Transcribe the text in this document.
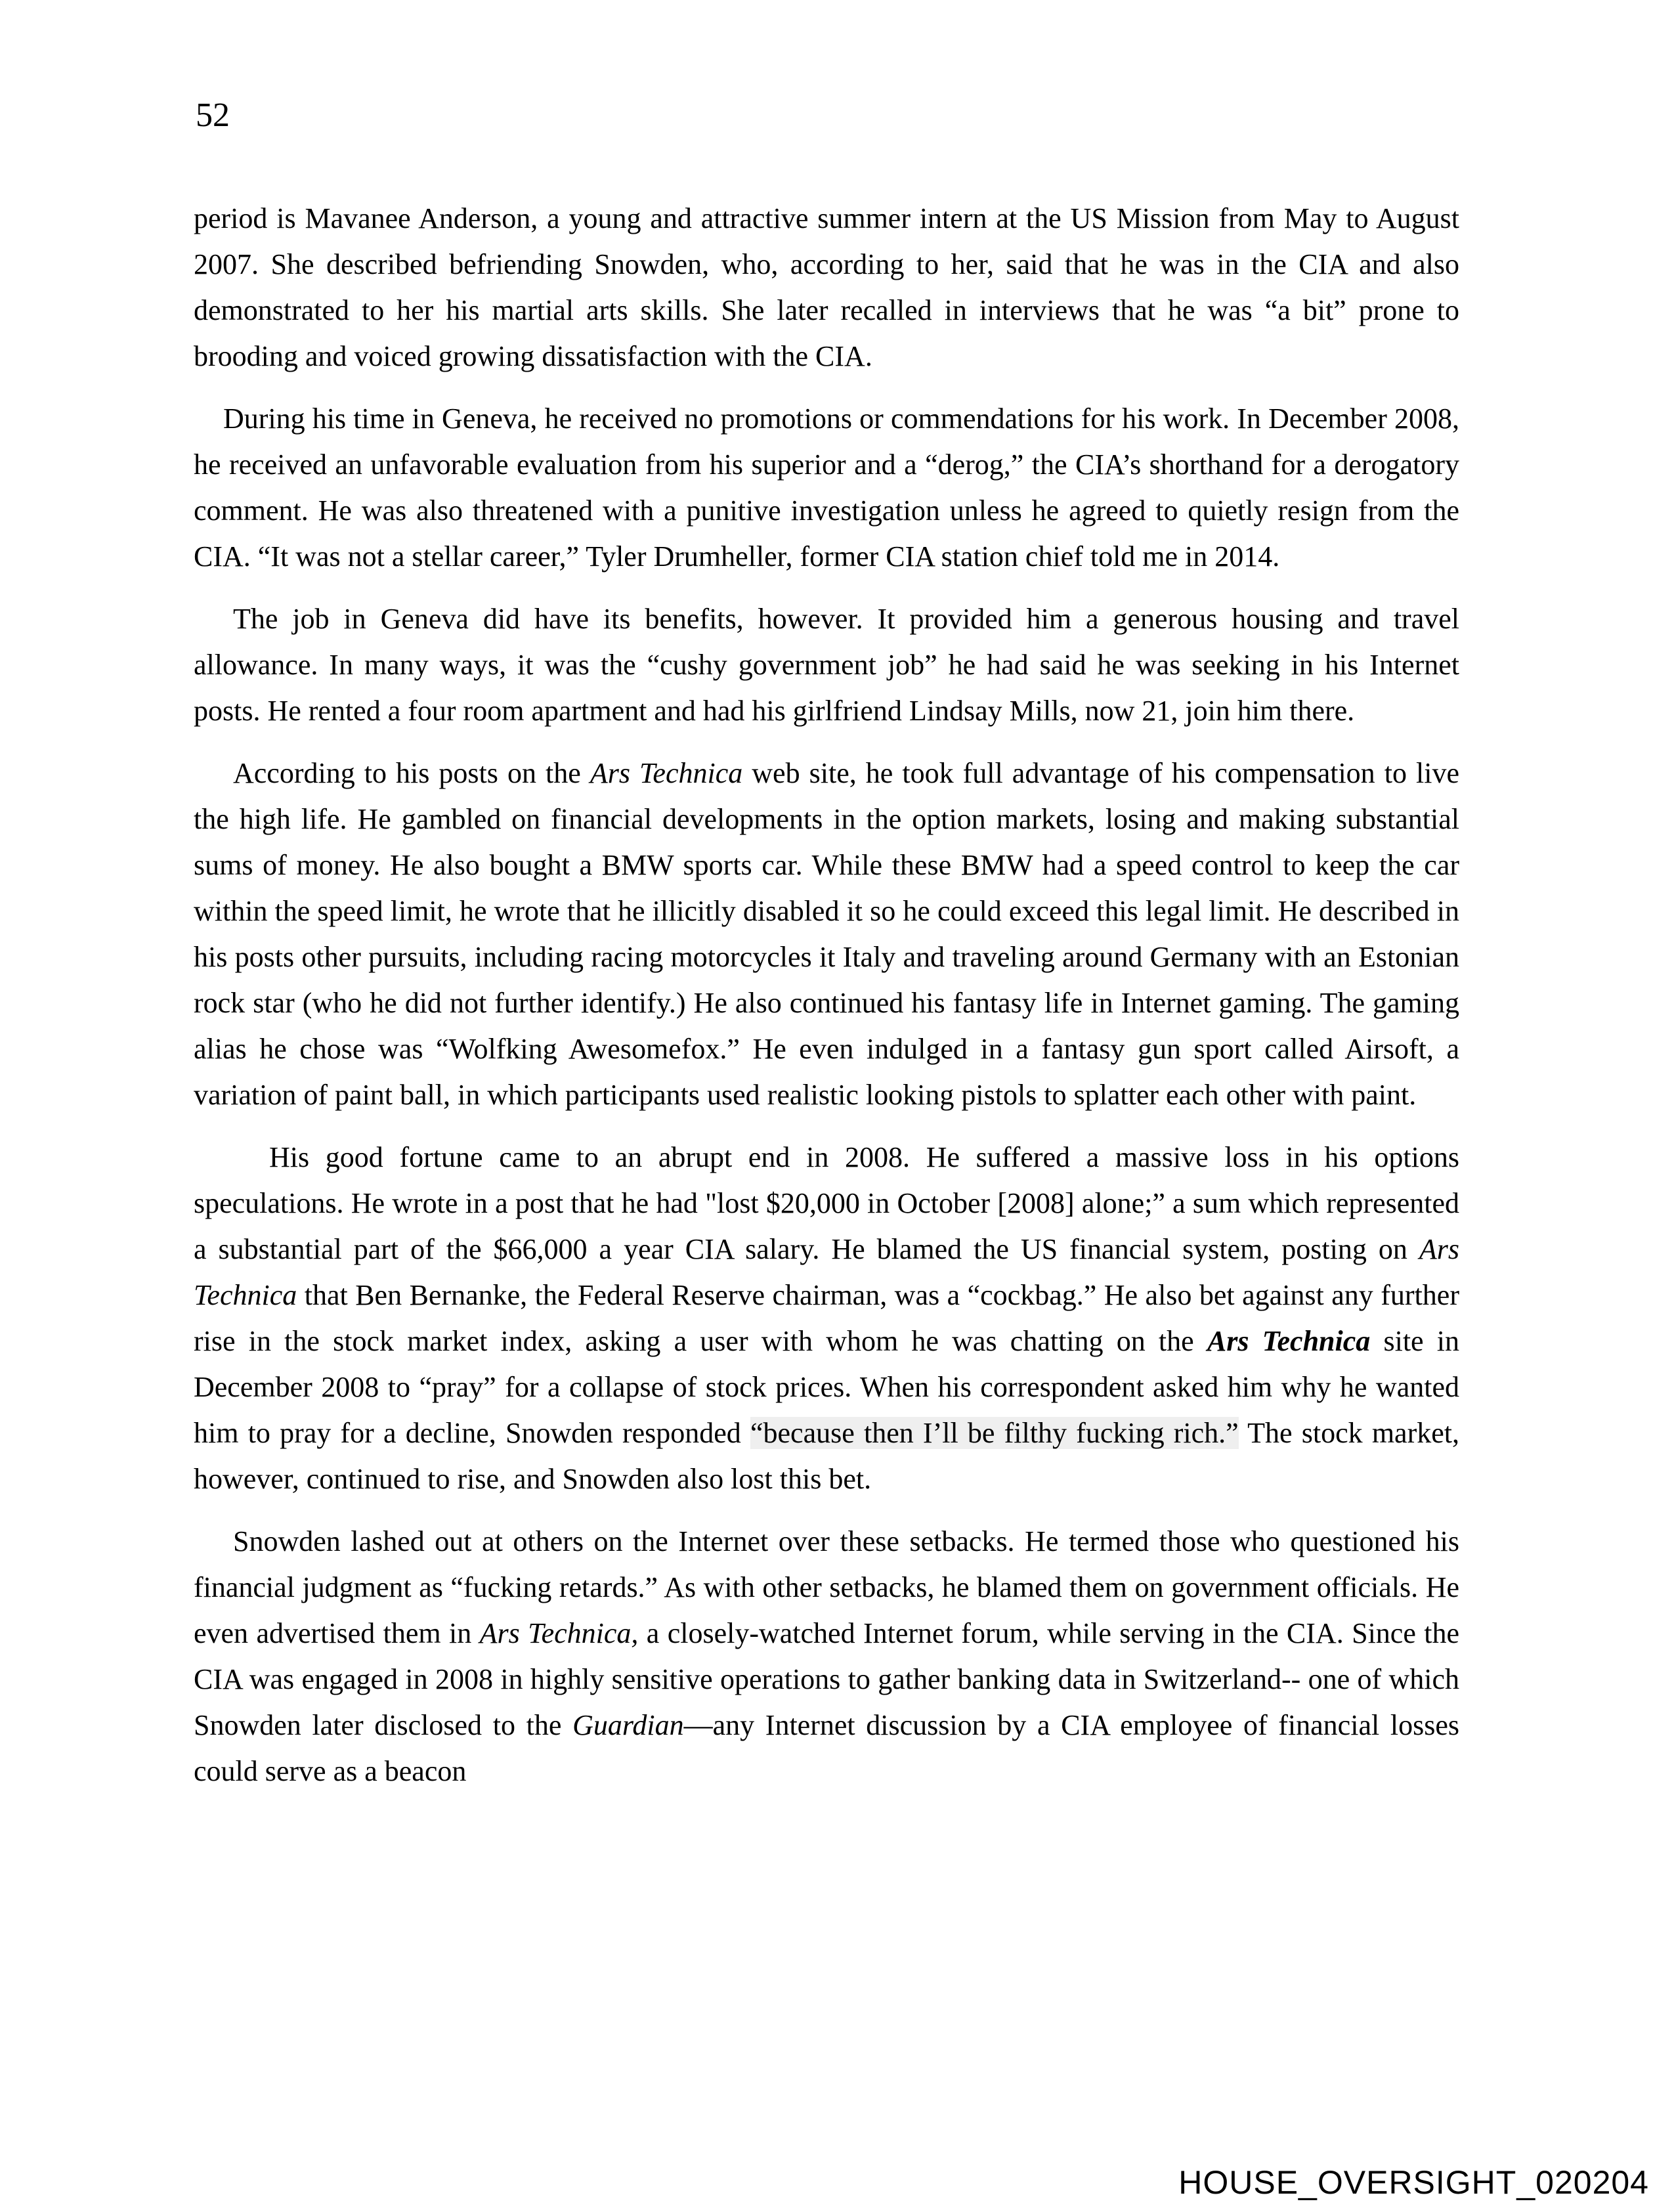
52

period is Mavanee Anderson, a young and attractive summer intern at the US Mission from May to August 2007. She described befriending Snowden, who, according to her, said that he was in the CIA and also demonstrated to her his martial arts skills. She later recalled in interviews that he was “a bit” prone to brooding and voiced growing dissatisfaction with the CIA.

During his time in Geneva, he received no promotions or commendations for his work. In December 2008, he received an unfavorable evaluation from his superior and a “derog,” the CIA’s shorthand for a derogatory comment. He was also threatened with a punitive investigation unless he agreed to quietly resign from the CIA. “It was not a stellar career,” Tyler Drumheller, former CIA station chief told me in 2014.

The job in Geneva did have its benefits, however. It provided him a generous housing and travel allowance. In many ways, it was the “cushy government job” he had said he was seeking in his Internet posts. He rented a four room apartment and had his girlfriend Lindsay Mills, now 21, join him there.

According to his posts on the Ars Technica web site, he took full advantage of his compensation to live the high life. He gambled on financial developments in the option markets, losing and making substantial sums of money. He also bought a BMW sports car. While these BMW had a speed control to keep the car within the speed limit, he wrote that he illicitly disabled it so he could exceed this legal limit. He described in his posts other pursuits, including racing motorcycles it Italy and traveling around Germany with an Estonian rock star (who he did not further identify.) He also continued his fantasy life in Internet gaming. The gaming alias he chose was “Wolfking Awesomefox.” He even indulged in a fantasy gun sport called Airsoft, a variation of paint ball, in which participants used realistic looking pistols to splatter each other with paint.

His good fortune came to an abrupt end in 2008. He suffered a massive loss in his options speculations. He wrote in a post that he had "lost $20,000 in October [2008] alone;” a sum which represented a substantial part of the $66,000 a year CIA salary. He blamed the US financial system, posting on Ars Technica that Ben Bernanke, the Federal Reserve chairman, was a “cockbag.” He also bet against any further rise in the stock market index, asking a user with whom he was chatting on the Ars Technica site in December 2008 to “pray” for a collapse of stock prices. When his correspondent asked him why he wanted him to pray for a decline, Snowden responded “because then I’ll be filthy fucking rich.” The stock market, however, continued to rise, and Snowden also lost this bet.

Snowden lashed out at others on the Internet over these setbacks. He termed those who questioned his financial judgment as “fucking retards.” As with other setbacks, he blamed them on government officials. He even advertised them in Ars Technica, a closely-watched Internet forum, while serving in the CIA. Since the CIA was engaged in 2008 in highly sensitive operations to gather banking data in Switzerland-- one of which Snowden later disclosed to the Guardian—any Internet discussion by a CIA employee of financial losses could serve as a beacon

HOUSE_OVERSIGHT_020204
